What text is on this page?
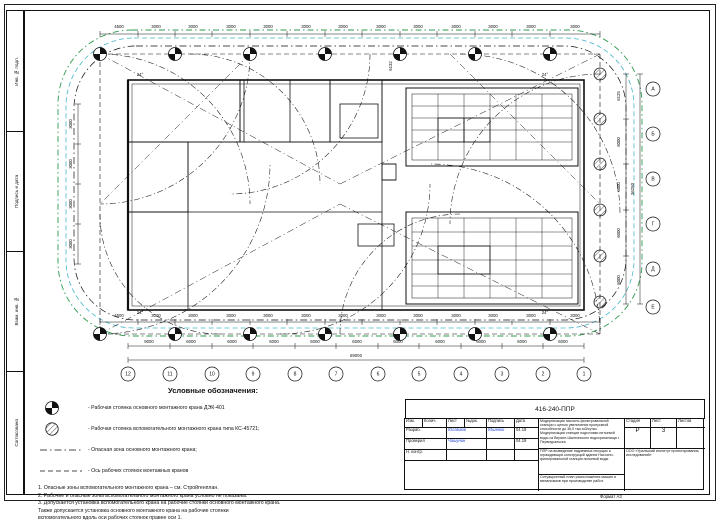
Инв. № подл.
Подпись и дата
Взам. инв. №
Согласовано
4500	3000	3000	3000	3000	3000	3000	3000	3000	3000	3000	3000	3000
4500	3000	3000	3000	3000	3000	3000	3000	3000	3000	3000	3000	3000
3000
3000
3000
3000
6125
6000
6000
6000
6000
36250
А
Б
В
Г
Д
Е
9000	6000	6000	6000	6000	6000	6000	6000	6000	6000	6000
69000
12	11	10	9	8	7	6	5	4	3	2	1
24°	24°
24°	24°
6132
Условные обозначения:
- Рабочая стоянка основного монтажного крана ДЭК-401
- Рабочая стоянка вспомогательного монтажного крана типа КС-45721;
- Опасная зона основного монтажного крана;
- Ось рабочих стоянок монтажных кранов
1. Опасные зоны вспомогательного монтажного крана – см. Стройгенплан.
2. Рабочие и опасные зоны вспомогательного монтажного крана условно не показаны.
3. Допускается установка вспомогательного крана на рабочие стоянки основного монтажного крана.
Также допускается установка основного монтажного крана на рабочие стоянки
вспомогательного вдоль оси рабочих стоянок правее оси 1.
416-240-ППР
Изм.	Колич.	Лист	№док.	Подпись	Дата
Разраб.	Юлабаев	Юшенко	04.19
Проверил	Чашунин	04.19
Н. контр.
Модернизация насосно-фильтровальной станции с целью увеличения пропускной способности до 36,0 тыс.м3/сутки. Модернизация станции подготовки питьевой воды из Верхне-Шалтинского водохранилища г. Первоуральска
ППР на возведение надземных несущих и ограждающих конструкций здания Насосно-фильтровальной станции питьевой воды
Ситуационный план расположения машин и механизмов при производстве работ.
Стадия	Лист	Листов
Р	3
ООО «Уральский институт проектирования, исследований»
Формат А3
